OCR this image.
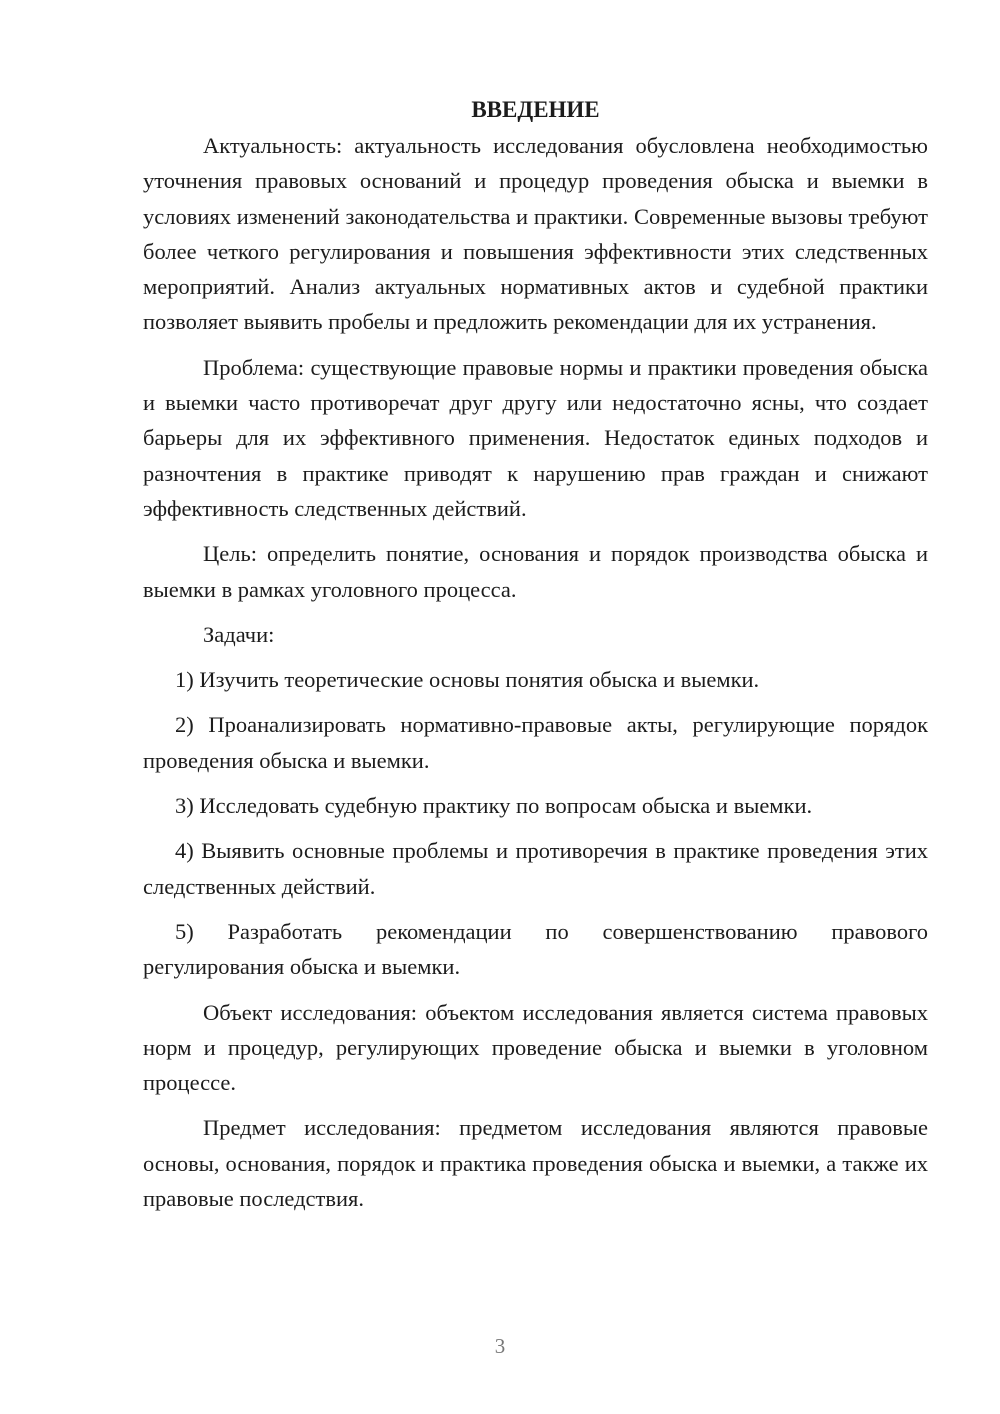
ВВЕДЕНИЕ

Актуальность: актуальность исследования обусловлена необходимостью уточнения правовых оснований и процедур проведения обыска и выемки в условиях изменений законодательства и практики. Современные вызовы требуют более четкого регулирования и повышения эффективности этих следственных мероприятий. Анализ актуальных нормативных актов и судебной практики позволяет выявить пробелы и предложить рекомендации для их устранения.

Проблема: существующие правовые нормы и практики проведения обыска и выемки часто противоречат друг другу или недостаточно ясны, что создает барьеры для их эффективного применения. Недостаток единых подходов и разночтения в практике приводят к нарушению прав граждан и снижают эффективность следственных действий.

Цель: определить понятие, основания и порядок производства обыска и выемки в рамках уголовного процесса.

Задачи:

1) Изучить теоретические основы понятия обыска и выемки.

2) Проанализировать нормативно-правовые акты, регулирующие порядок проведения обыска и выемки.

3) Исследовать судебную практику по вопросам обыска и выемки.

4) Выявить основные проблемы и противоречия в практике проведения этих следственных действий.

5) Разработать рекомендации по совершенствованию правового регулирования обыска и выемки.

Объект исследования: объектом исследования является система правовых норм и процедур, регулирующих проведение обыска и выемки в уголовном процессе.

Предмет исследования: предметом исследования являются правовые основы, основания, порядок и практика проведения обыска и выемки, а также их правовые последствия.

3
